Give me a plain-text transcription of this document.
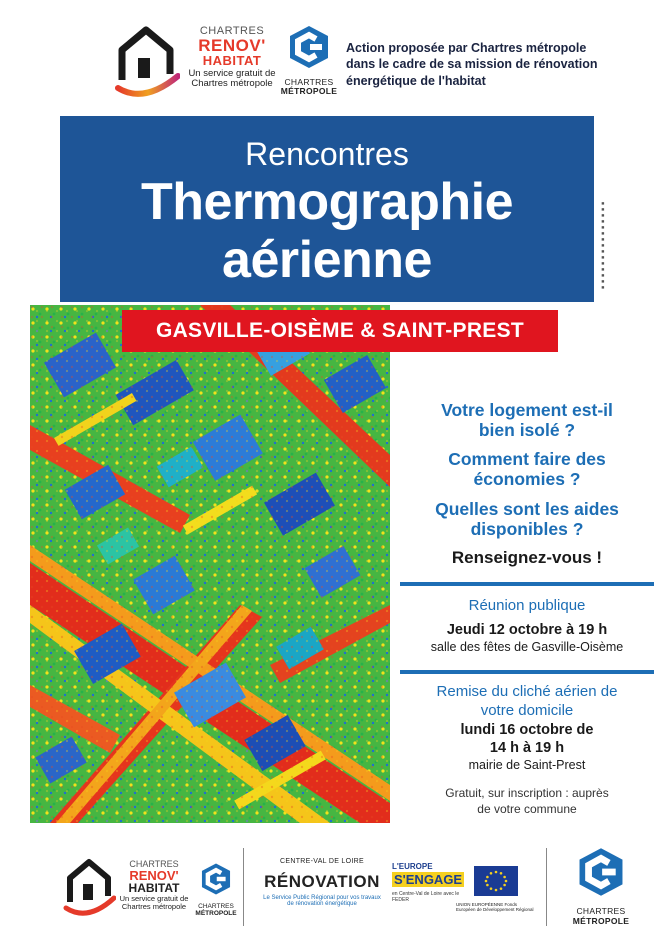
CHARTRES
RENOV'
HABITAT
Un service gratuit de Chartres métropole	CHARTRES
MÉTROPOLE
Action proposée par Chartres métropole dans le cadre de sa mission de rénovation énergétique de l'habitat
Rencontres
Thermographie
aérienne	■■■■■■■■■■■■■■■
GASVILLE-OISÈME & SAINT-PREST
Votre logement est-il bien isolé ?
Comment faire des économies ?
Quelles sont les aides disponibles ?
Renseignez-vous !
Réunion publique
Jeudi 12 octobre à 19 h
salle des fêtes de Gasville-Oisème
Remise du cliché aérien de votre domicile
lundi 16 octobre de 14 h à 19 h
mairie de Saint-Prest
Gratuit, sur inscription : auprès de votre commune
CHARTRES
RENOV'
HABITAT
Un service gratuit de Chartres métropole	CHARTRES
MÉTROPOLE
CENTRE-VAL DE LOIRE
RÉNOVATION
Le Service Public Régional pour vos travaux de rénovation énergétique
L'EUROPE
S'ENGAGE
en Centre-Val de Loire avec le FEDER
UNION EUROPÉENNE Fonds Européen de Développement Régional	CHARTRES
MÉTROPOLE
